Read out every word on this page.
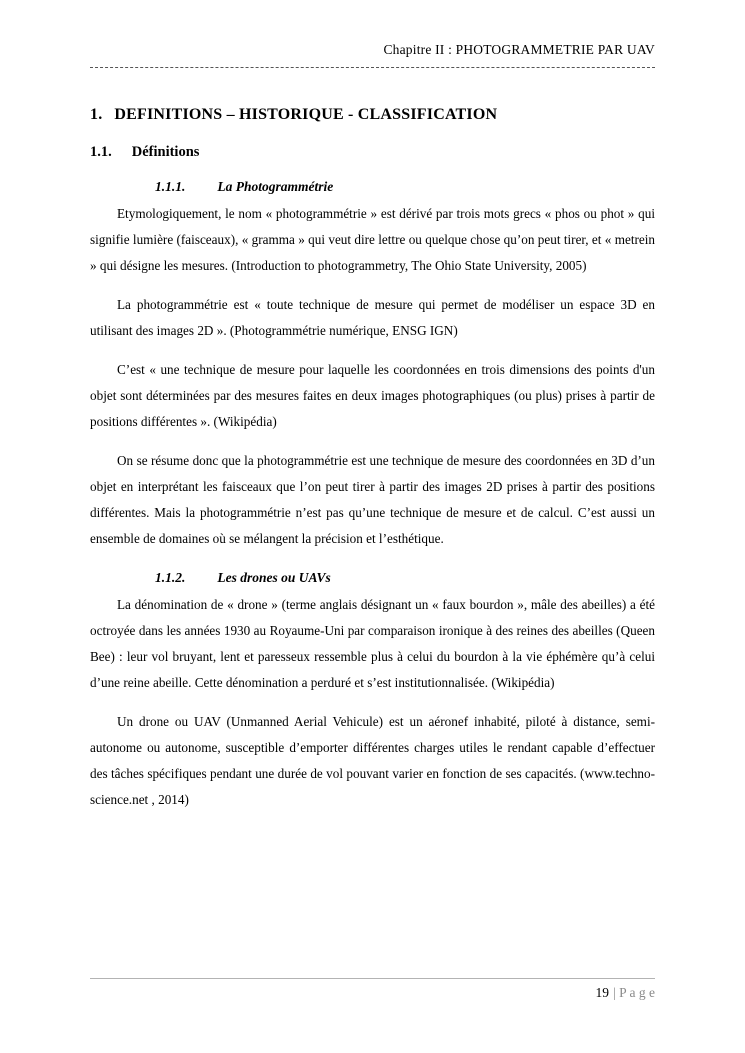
Chapitre II : PHOTOGRAMMETRIE PAR UAV
1. DEFINITIONS – HISTORIQUE - CLASSIFICATION
1.1. Définitions
1.1.1. La Photogrammétrie

Etymologiquement, le nom « photogrammétrie » est dérivé par trois mots grecs « phos ou phot » qui signifie lumière (faisceaux), « gramma » qui veut dire lettre ou quelque chose qu’on peut tirer, et « metrein » qui désigne les mesures. (Introduction to photogrammetry, The Ohio State University, 2005)

La photogrammétrie est « toute technique de mesure qui permet de modéliser un espace 3D en utilisant des images 2D ». (Photogrammétrie numérique, ENSG IGN)

C’est « une technique de mesure pour laquelle les coordonnées en trois dimensions des points d'un objet sont déterminées par des mesures faites en deux images photographiques (ou plus) prises à partir de positions différentes ». (Wikipédia)

On se résume donc que la photogrammétrie est une technique de mesure des coordonnées en 3D d’un objet en interprétant les faisceaux que l’on peut tirer à partir des images 2D prises à partir des positions différentes. Mais la photogrammétrie n’est pas qu’une technique de mesure et de calcul. C’est aussi un ensemble de domaines où se mélangent la précision et l’esthétique.

1.1.2. Les drones ou UAVs

La dénomination de « drone » (terme anglais désignant un « faux bourdon », mâle des abeilles) a été octroyée dans les années 1930 au Royaume-Uni par comparaison ironique à des reines des abeilles (Queen Bee) : leur vol bruyant, lent et paresseux ressemble plus à celui du bourdon à la vie éphémère qu’à celui d’une reine abeille. Cette dénomination a perduré et s’est institutionnalisée. (Wikipédia)

Un drone ou UAV (Unmanned Aerial Vehicule) est un aéronef inhabité, piloté à distance, semi-autonome ou autonome, susceptible d’emporter différentes charges utiles le rendant capable d’effectuer des tâches spécifiques pendant une durée de vol pouvant varier en fonction de ses capacités. (www.techno-science.net , 2014)

19 | P a g e
